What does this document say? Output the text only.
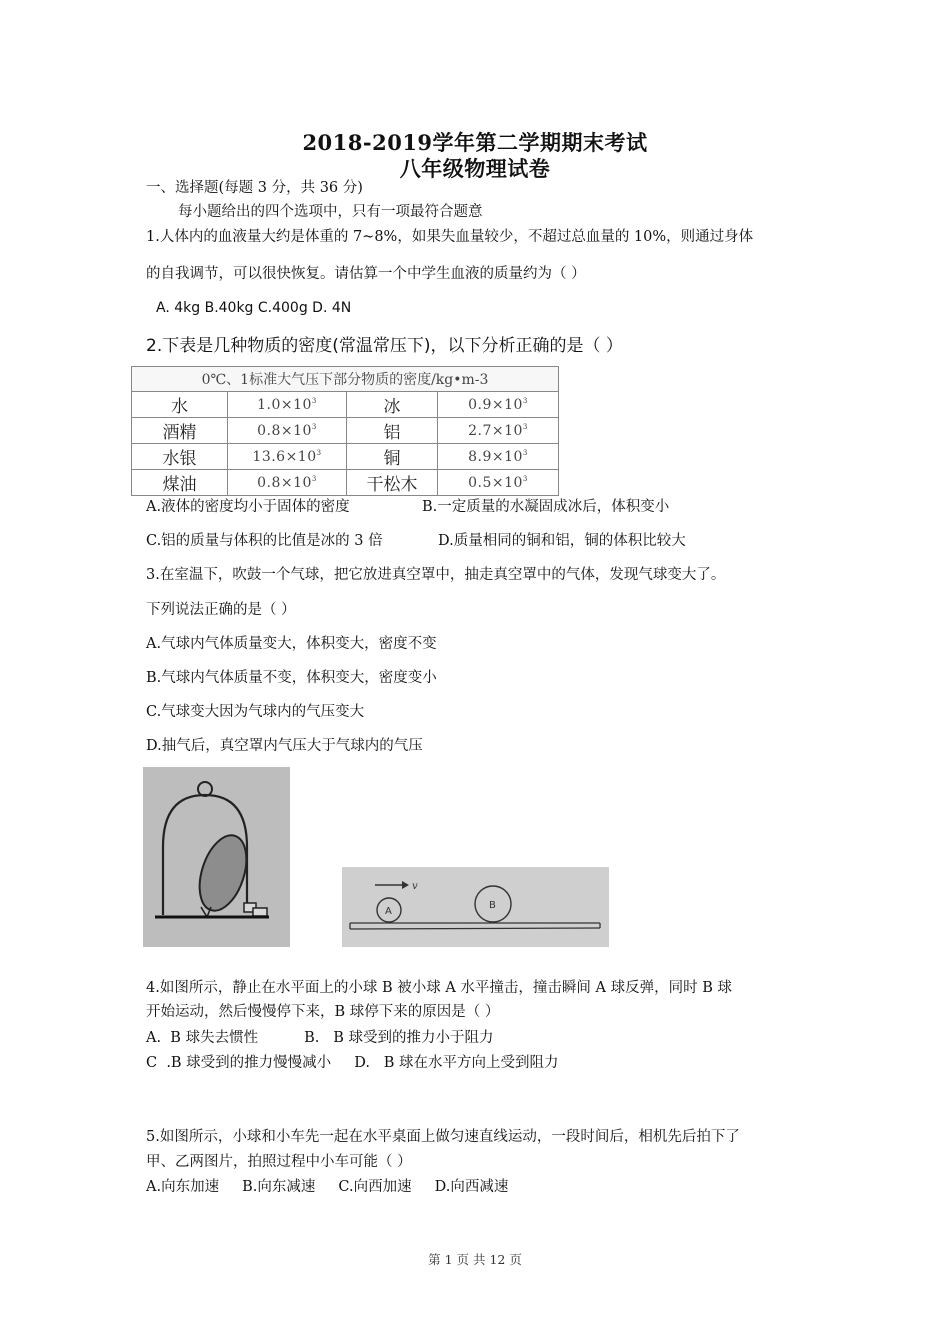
2018-2019学年第二学期期末考试
八年级物理试卷
一、选择题(每题 3 分，共 36 分)
每小题给出的四个选项中，只有一项最符合题意
1.人体内的血液量大约是体重的 7~8%，如果失血量较少，不超过总血量的 10%，则通过身体
的自我调节，可以很快恢复。请估算一个中学生血液的质量约为（ ）
A. 4kg B.40kg C.400g D. 4N
2.下表是几种物质的密度(常温常压下)，以下分析正确的是（ ）
0℃、1标准大气压下部分物质的密度/kg•m-3			
水	$1.0\times 10^3$	冰	$0.9\times 10^3$
酒精	$0.8\times 10^3$	铝	$2.7\times 10^3$
水银	$13.6\times 10^3$	铜	$8.9\times 10^3$
煤油	$0.8\times 10^3$	干松木	$0.5\times 10^3$
A.液体的密度均小于固体的密度	B.一定质量的水凝固成冰后，体积变小
C.铝的质量与体积的比值是冰的 3 倍	D.质量相同的铜和铝，铜的体积比较大
3.在室温下，吹鼓一个气球，把它放进真空罩中，抽走真空罩中的气体，发现气球变大了。
下列说法正确的是（ ）
A.气球内气体质量变大，体积变大，密度不变
B.气球内气体质量不变，体积变大，密度变小
C.气球变大因为气球内的气压变大
D.抽气后，真空罩内气压大于气球内的气压
v
A
B
4.如图所示，静止在水平面上的小球 B 被小球 A 水平撞击，撞击瞬间 A 球反弹，同时 B 球
开始运动，然后慢慢停下来，B 球停下来的原因是（ ）
A.  B 球失去惯性          B.   B 球受到的推力小于阻力
C  .B 球受到的推力慢慢减小     D.   B 球在水平方向上受到阻力
5.如图所示，小球和小车先一起在水平桌面上做匀速直线运动，一段时间后，相机先后拍下了
甲、乙两图片，拍照过程中小车可能（ ）
A.向东加速     B.向东减速     C.向西加速     D.向西减速
第 1 页 共 12 页
